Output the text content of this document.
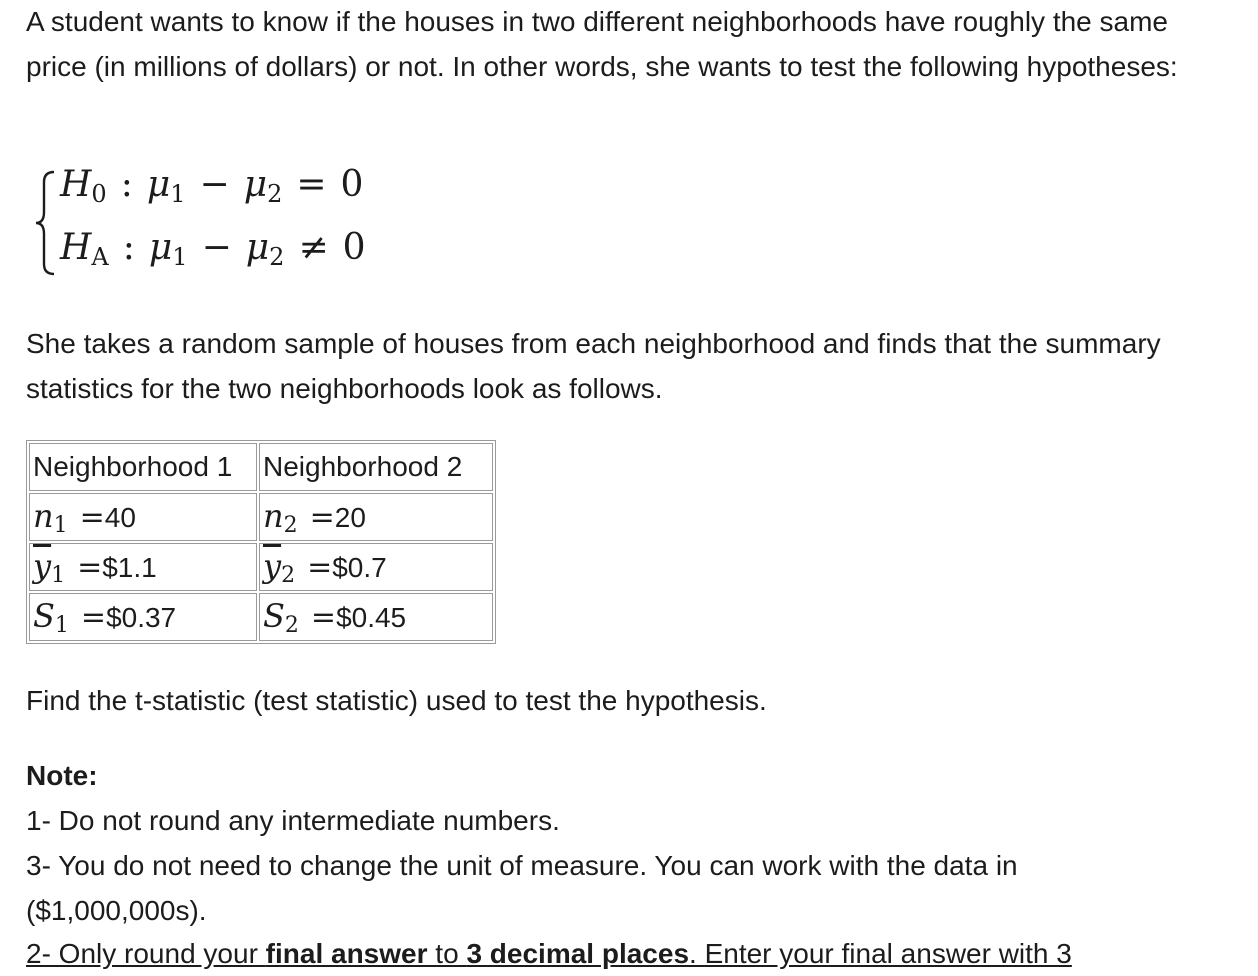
A student wants to know if the houses in two different neighborhoods have roughly the same price (in millions of dollars) or not. In other words, she wants to test the following hypotheses:

$H_0$ : $\mu_1 - \mu_2 = 0$
$H_A$ : $\mu_1 - \mu_2 \ne 0$

She takes a random sample of houses from each neighborhood and finds that the summary statistics for the two neighborhoods look as follows.

Neighborhood 1	Neighborhood 2
$n_1 =40$	$n_2 =20$
$\overline{y}_1$ =$1.1	$\overline{y}_2$ =$0.7
$S_1$ =$0.37	$S_2$ =$0.45

Find the t-statistic (test statistic) used to test the hypothesis.

Note:

1- Do not round any intermediate numbers.

3- You do not need to change the unit of measure. You can work with the data in

($1,000,000s).

2- Only round your final answer to 3 decimal places. Enter your final answer with 3
